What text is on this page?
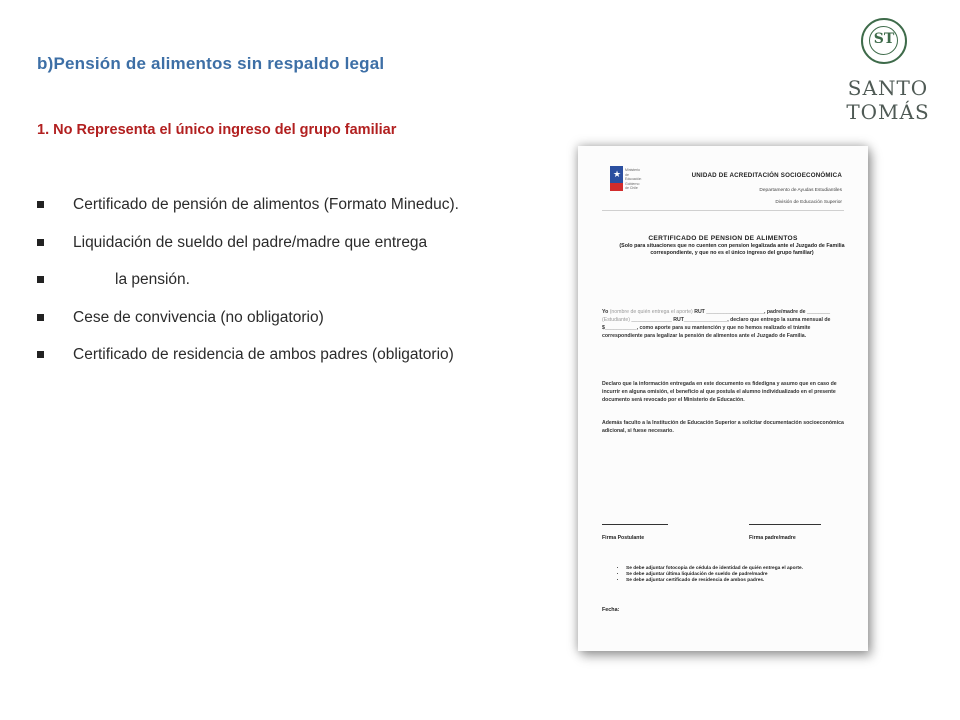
b)Pensión de alimentos sin respaldo legal
1. No Representa el único ingreso del grupo familiar
Certificado de pensión de alimentos (Formato Mineduc).
Liquidación de sueldo del padre/madre que entrega
la pensión.
Cese de convivencia (no obligatorio)
Certificado de residencia de ambos padres (obligatorio)
ST
SANTO
TOMÁS
★ Ministerio de Educación Gobierno de Chile
UNIDAD DE ACREDITACIÓN SOCIOECONÓMICA
Departamento de Ayudas Estudiantiles
División de Educación Superior
CERTIFICADO DE PENSION DE ALIMENTOS
(Solo para situaciones que no cuenten con pension legalizada ante el Juzgado de Familia correspondiente, y que no es el único ingreso del grupo familiar)
Yo (nombre de quién entrega el aporte) RUT ____________________, padre/madre de ________ (Estudiante) ______________ RUT_______________, declaro que entrego la suma mensual de $___________, como aporte para su mantención y que no hemos realizado el trámite correspondiente para legalizar la pensión de alimentos ante el Juzgado de Familia.
Declaro que la información entregada en este documento es fidedigna y asumo que en caso de incurrir en alguna omisión, el beneficio al que postula el alumno individualizado en el presente documento será revocado por el Ministerio de Educación.
Además faculto a la Institución de Educación Superior a solicitar documentación socioeconómica adicional, si fuese necesario.
Firma Postulante	Firma padre/madre
• Se debe adjuntar fotocopia de cédula de identidad de quién entrega el aporte.
• Se debe adjuntar última liquidación de sueldo de padre/madre
• Se debe adjuntar certificado de residencia de ambos padres.
Fecha:
